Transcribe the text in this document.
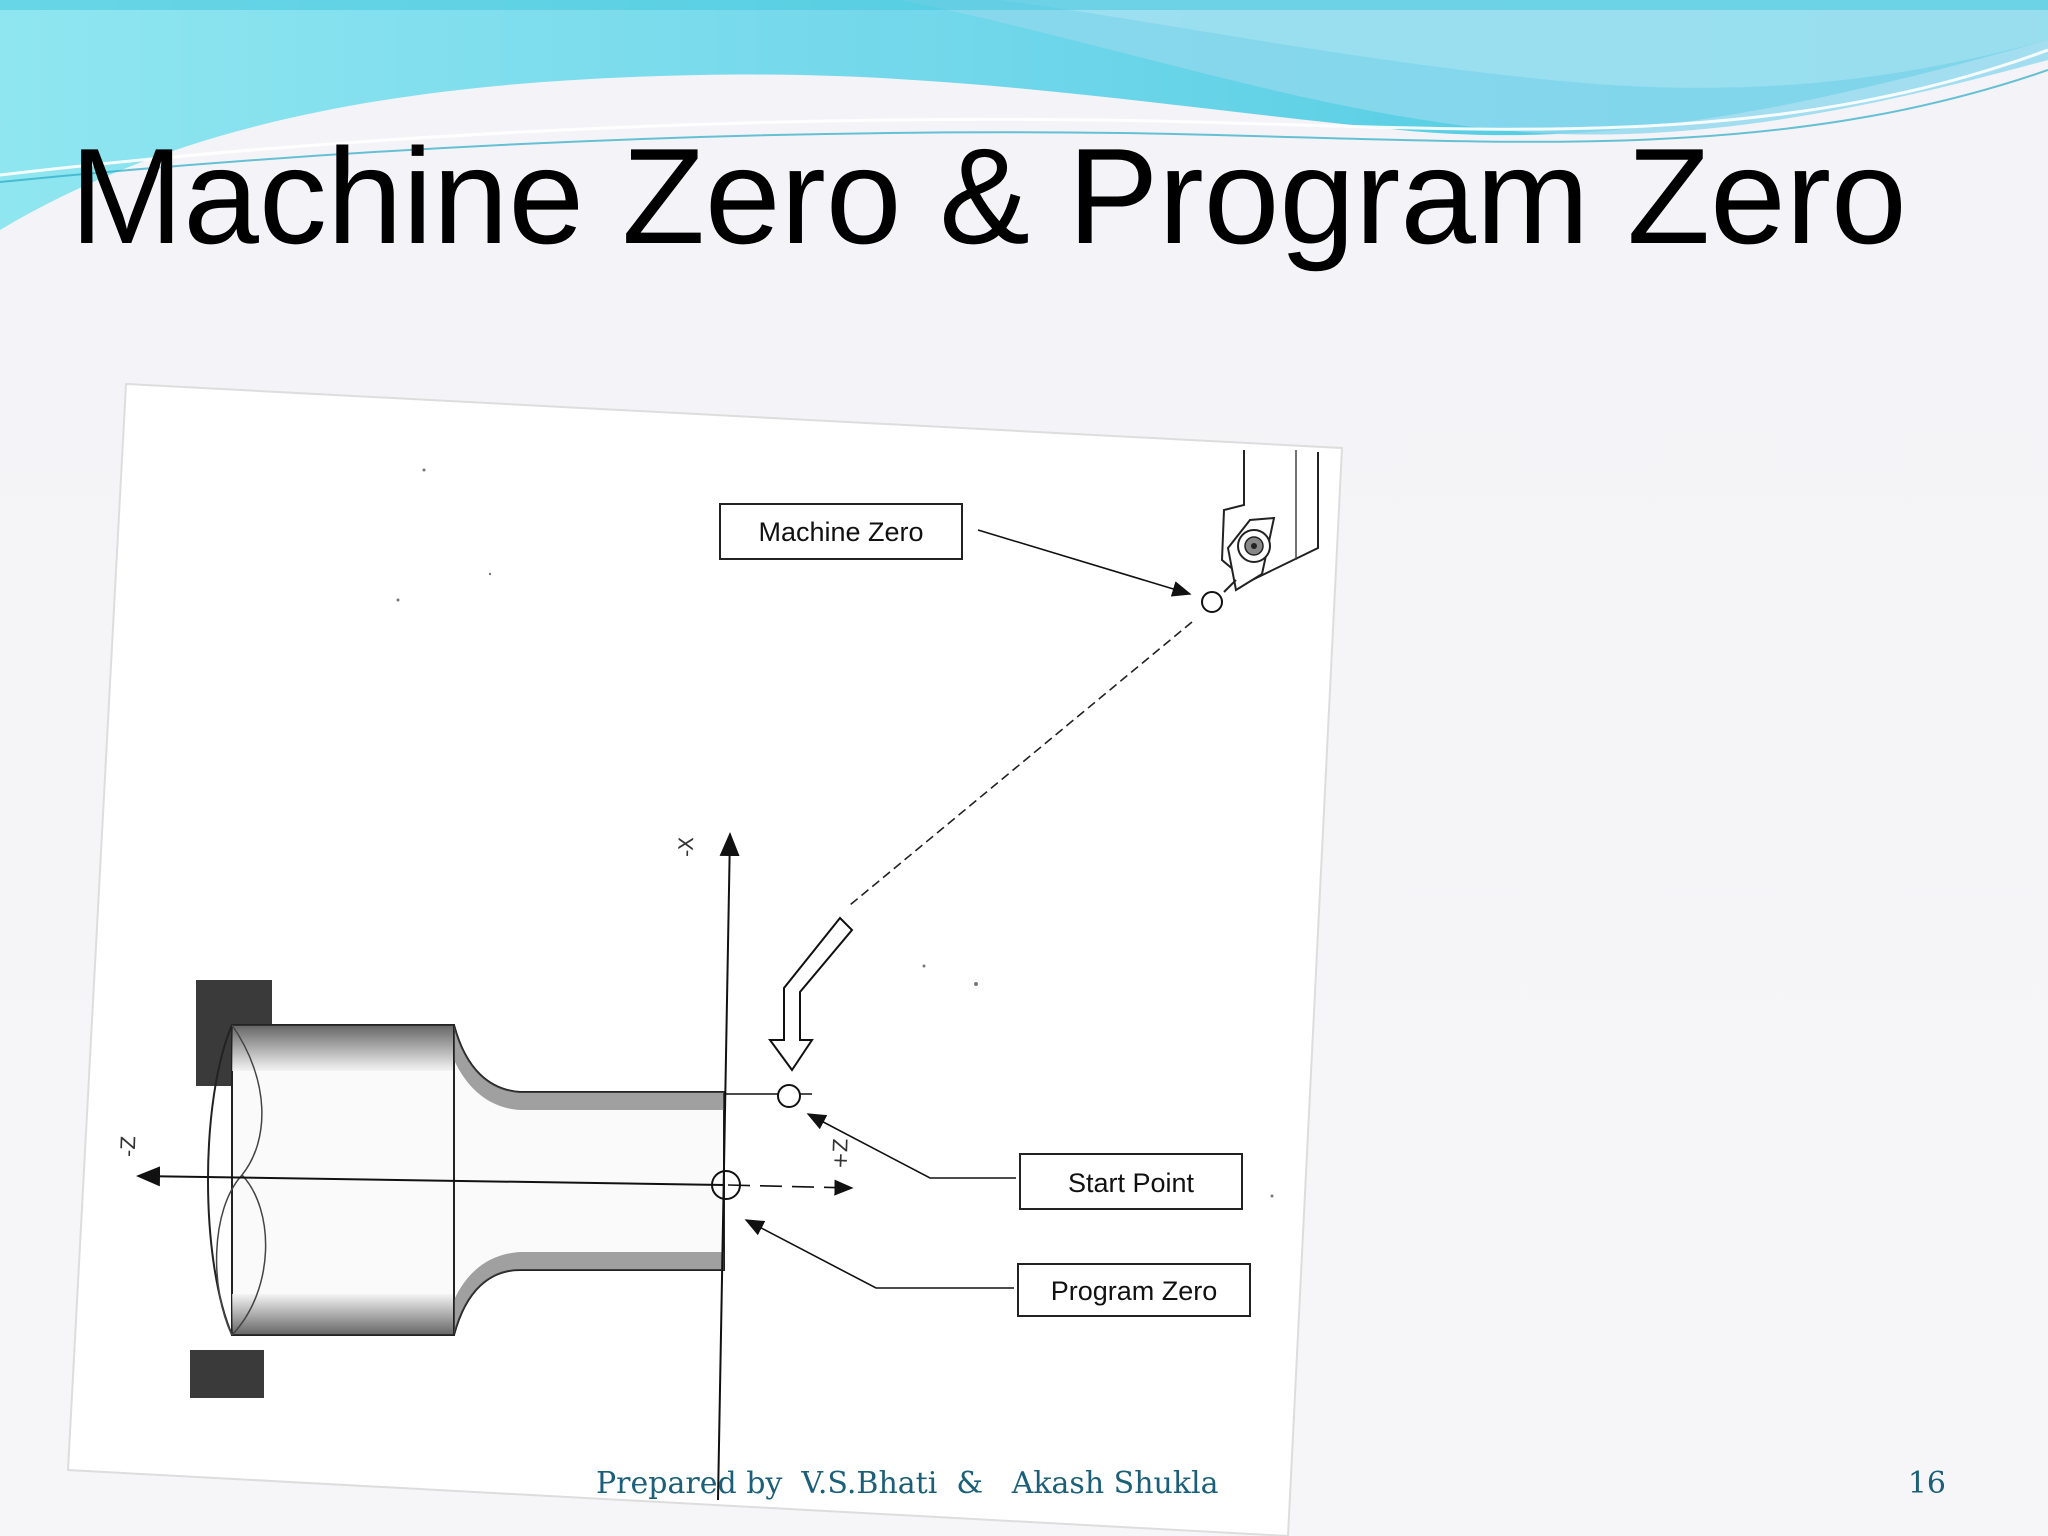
Machine Zero & Program Zero
-X
-Z	+Z
Machine Zero
Start Point
Program Zero
Prepared by  V.S.Bhati  &   Akash Shukla	16
